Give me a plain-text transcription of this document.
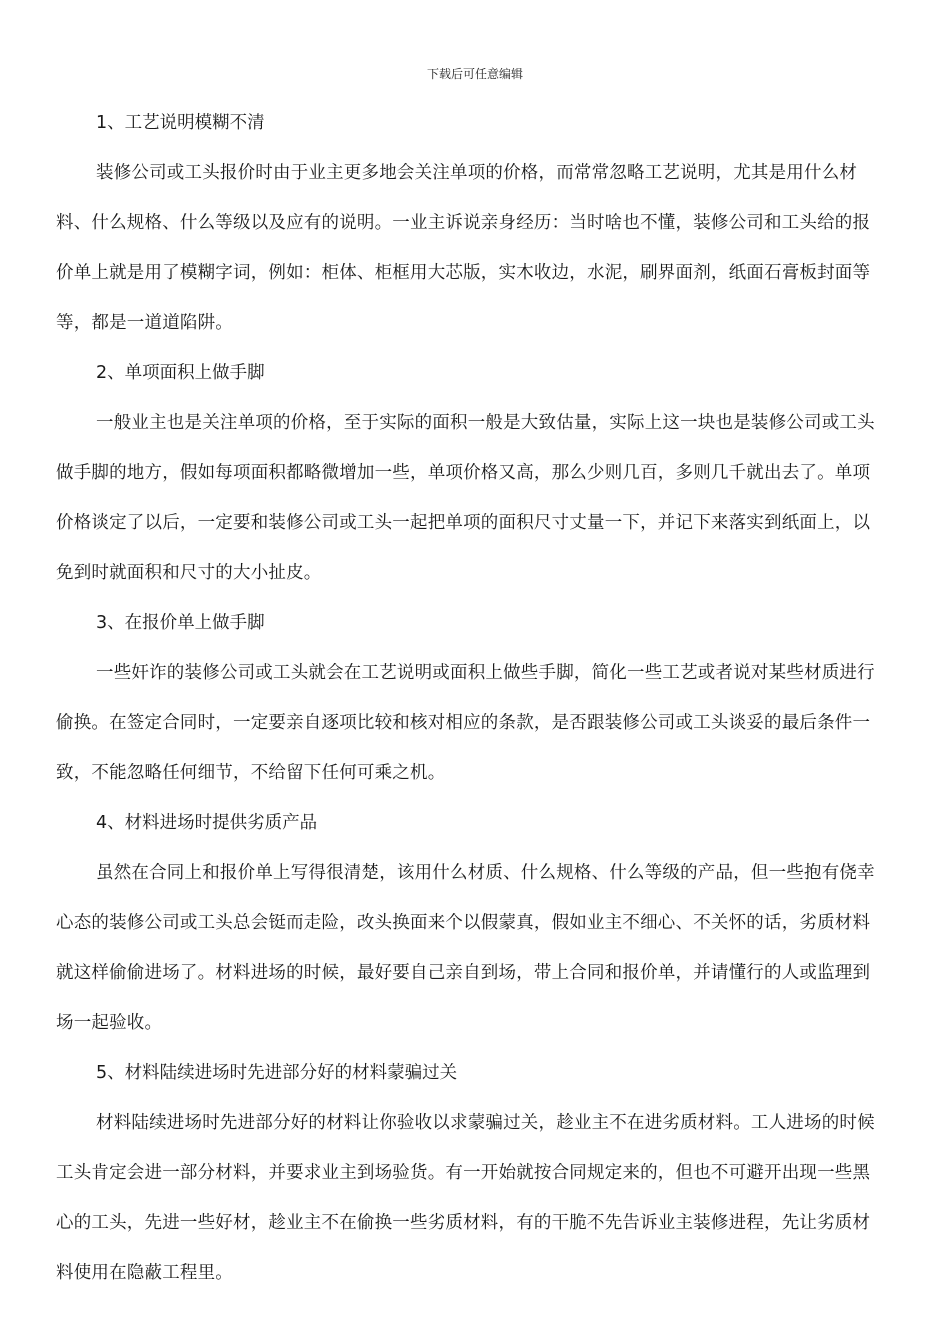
下载后可任意编辑
1、工艺说明模糊不清

装修公司或工头报价时由于业主更多地会关注单项的价格，而常常忽略工艺说明，尤其是用什么材料、什么规格、什么等级以及应有的说明。一业主诉说亲身经历：当时啥也不懂，装修公司和工头给的报价单上就是用了模糊字词，例如：柜体、柜框用大芯版，实木收边，水泥，刷界面剂，纸面石膏板封面等等，都是一道道陷阱。

2、单项面积上做手脚

一般业主也是关注单项的价格，至于实际的面积一般是大致估量，实际上这一块也是装修公司或工头做手脚的地方，假如每项面积都略微增加一些，单项价格又高，那么少则几百，多则几千就出去了。单项价格谈定了以后，一定要和装修公司或工头一起把单项的面积尺寸丈量一下，并记下来落实到纸面上，以免到时就面积和尺寸的大小扯皮。

3、在报价单上做手脚

一些奸诈的装修公司或工头就会在工艺说明或面积上做些手脚，简化一些工艺或者说对某些材质进行偷换。在签定合同时，一定要亲自逐项比较和核对相应的条款，是否跟装修公司或工头谈妥的最后条件一致，不能忽略任何细节，不给留下任何可乘之机。

4、材料进场时提供劣质产品

虽然在合同上和报价单上写得很清楚，该用什么材质、什么规格、什么等级的产品，但一些抱有侥幸心态的装修公司或工头总会铤而走险，改头换面来个以假蒙真，假如业主不细心、不关怀的话，劣质材料就这样偷偷进场了。材料进场的时候，最好要自己亲自到场，带上合同和报价单，并请懂行的人或监理到场一起验收。

5、材料陆续进场时先进部分好的材料蒙骗过关

材料陆续进场时先进部分好的材料让你验收以求蒙骗过关，趁业主不在进劣质材料。工人进场的时候工头肯定会进一部分材料，并要求业主到场验货。有一开始就按合同规定来的，但也不可避开出现一些黑心的工头，先进一些好材，趁业主不在偷换一些劣质材料，有的干脆不先告诉业主装修进程，先让劣质材料使用在隐蔽工程里。
